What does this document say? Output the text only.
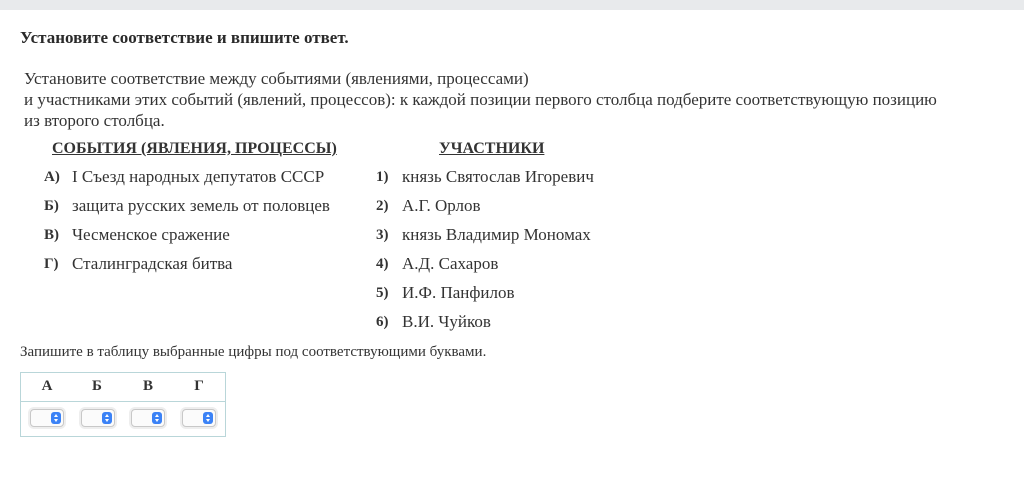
Установите соответствие и впишите ответ.
Установите соответствие между событиями (явлениями, процессами)
и участниками этих событий (явлений, процессов): к каждой позиции первого столбца подберите соответствующую позицию
из второго столбца.
СОБЫТИЯ (ЯВЛЕНИЯ, ПРОЦЕССЫ)	УЧАСТНИКИ
А) I Съезд народных депутатов СССР
Б) защита русских земель от половцев
В) Чесменское сражение
Г) Сталинградская битва
1) князь Святослав Игоревич
2) А.Г. Орлов
3) князь Владимир Мономах
4) А.Д. Сахаров
5) И.Ф. Панфилов
6) В.И. Чуйков
Запишите в таблицу выбранные цифры под соответствующими буквами.
А	Б	В	Г
